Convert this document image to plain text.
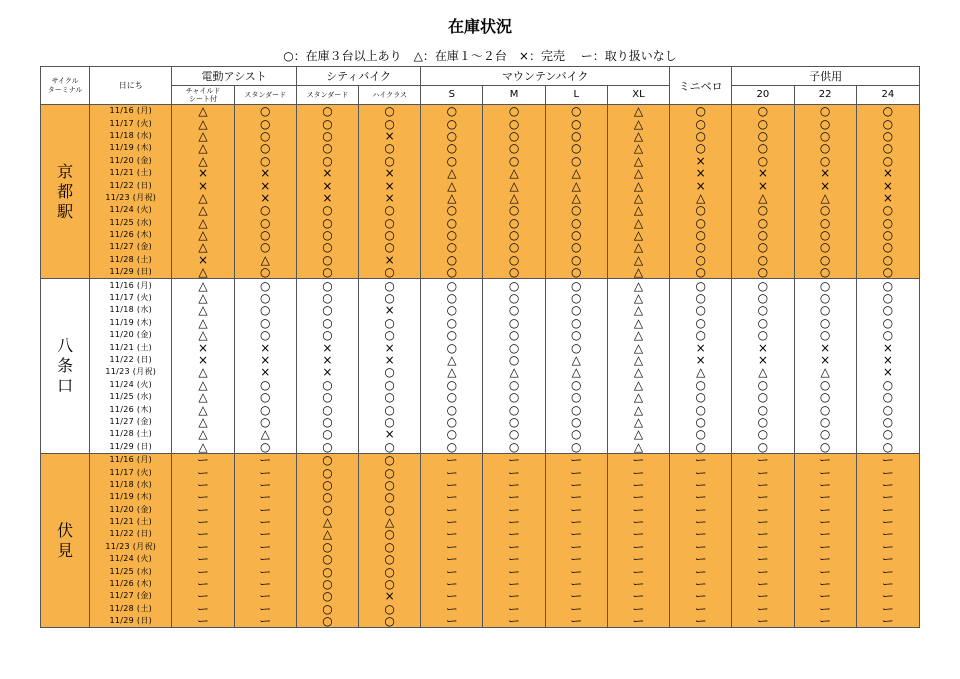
在庫状況
○：在庫３台以上あり　△：在庫１～２台　×：完売　 ー：取り扱いなし
サイクル
ターミナル	日にち	電動アシスト		シティバイク		マウンテンバイク				ミニベロ	子供用		
		チャイルド
シート付	スタンダード	スタンダード	ハイクラス	S	M	L	XL		20	22	24
京
都
駅	11/16 (月)	△	○	○	○	○	○	○	△	○	○	○	○
	11/17 (火)	△	○	○	○	○	○	○	△	○	○	○	○
	11/18 (水)	△	○	○	×	○	○	○	△	○	○	○	○
	11/19 (木)	△	○	○	○	○	○	○	△	○	○	○	○
	11/20 (金)	△	○	○	○	○	○	○	△	×	○	○	○
	11/21 (土)	×	×	×	×	△	△	△	△	×	×	×	×
	11/22 (日)	×	×	×	×	△	△	△	△	×	×	×	×
	11/23 (月祝)	△	×	×	×	△	△	△	△	△	△	△	×
	11/24 (火)	△	○	○	○	○	○	○	△	○	○	○	○
	11/25 (水)	△	○	○	○	○	○	○	△	○	○	○	○
	11/26 (木)	△	○	○	○	○	○	○	△	○	○	○	○
	11/27 (金)	△	○	○	○	○	○	○	△	○	○	○	○
	11/28 (土)	×	△	○	×	○	○	○	△	○	○	○	○
	11/29 (日)	△	○	○	○	○	○	○	△	○	○	○	○
八
条
口	11/16 (月)	△	○	○	○	○	○	○	△	○	○	○	○
	11/17 (火)	△	○	○	○	○	○	○	△	○	○	○	○
	11/18 (水)	△	○	○	×	○	○	○	△	○	○	○	○
	11/19 (木)	△	○	○	○	○	○	○	△	○	○	○	○
	11/20 (金)	△	○	○	○	○	○	○	△	○	○	○	○
	11/21 (土)	×	×	×	×	○	○	○	△	×	×	×	×
	11/22 (日)	×	×	×	×	△	○	△	△	×	×	×	×
	11/23 (月祝)	△	×	×	○	△	△	△	△	△	△	△	×
	11/24 (火)	△	○	○	○	○	○	○	△	○	○	○	○
	11/25 (水)	△	○	○	○	○	○	○	△	○	○	○	○
	11/26 (木)	△	○	○	○	○	○	○	△	○	○	○	○
	11/27 (金)	△	○	○	○	○	○	○	△	○	○	○	○
	11/28 (土)	△	△	○	×	○	○	○	△	○	○	○	○
	11/29 (日)	△	○	○	○	○	○	○	△	○	○	○	○
伏
見	11/16 (月)	ー	ー	○	○	ー	ー	ー	ー	ー	ー	ー	ー
	11/17 (火)	ー	ー	○	○	ー	ー	ー	ー	ー	ー	ー	ー
	11/18 (水)	ー	ー	○	○	ー	ー	ー	ー	ー	ー	ー	ー
	11/19 (木)	ー	ー	○	○	ー	ー	ー	ー	ー	ー	ー	ー
	11/20 (金)	ー	ー	○	○	ー	ー	ー	ー	ー	ー	ー	ー
	11/21 (土)	ー	ー	△	△	ー	ー	ー	ー	ー	ー	ー	ー
	11/22 (日)	ー	ー	△	○	ー	ー	ー	ー	ー	ー	ー	ー
	11/23 (月祝)	ー	ー	○	○	ー	ー	ー	ー	ー	ー	ー	ー
	11/24 (火)	ー	ー	○	○	ー	ー	ー	ー	ー	ー	ー	ー
	11/25 (水)	ー	ー	○	○	ー	ー	ー	ー	ー	ー	ー	ー
	11/26 (木)	ー	ー	○	○	ー	ー	ー	ー	ー	ー	ー	ー
	11/27 (金)	ー	ー	○	×	ー	ー	ー	ー	ー	ー	ー	ー
	11/28 (土)	ー	ー	○	○	ー	ー	ー	ー	ー	ー	ー	ー
	11/29 (日)	ー	ー	○	○	ー	ー	ー	ー	ー	ー	ー	ー
